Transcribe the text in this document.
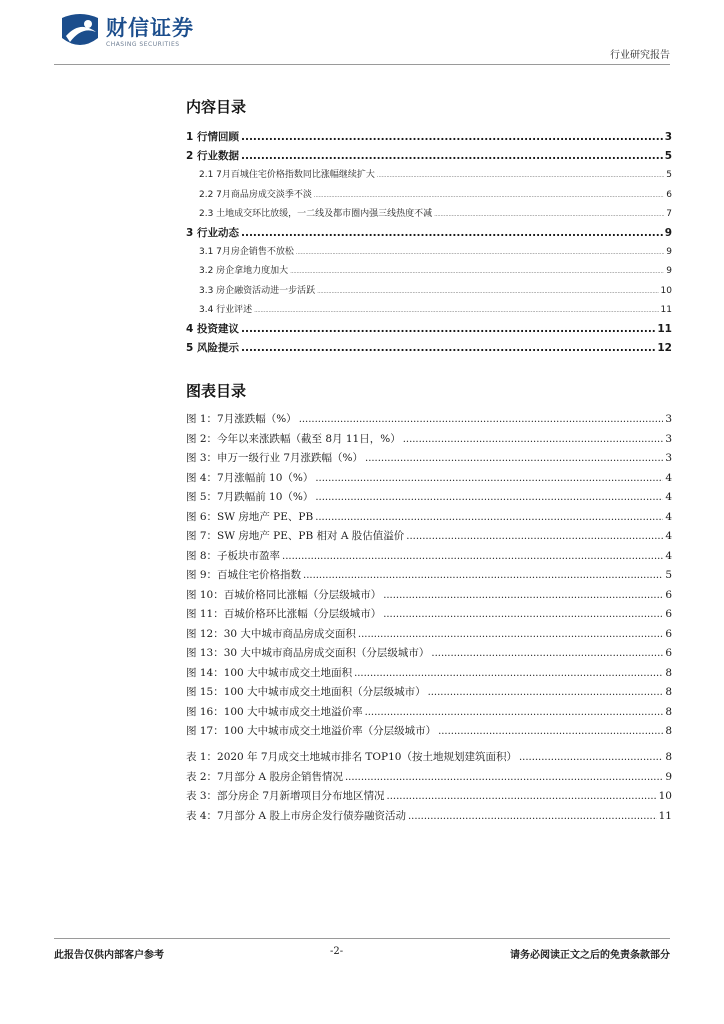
财信证券
CHASING SECURITIES
行业研究报告
内容目录
1 行情回顾 .....	3
2 行业数据 .....	5
2.1 7月百城住宅价格指数同比涨幅继续扩大 .....	5
2.2 7月商品房成交淡季不淡 .....	6
2.3 土地成交环比放缓，一二线及都市圈内强三线热度不减 .....	7
3 行业动态 .....	9
3.1 7月房企销售不放松 .....	9
3.2 房企拿地力度加大 .....	9
3.3 房企融资活动进一步活跃 .....	10
3.4 行业评述 .....	11
4 投资建议 .....	11
5 风险提示 .....	12
图表目录
图 1：7月涨跌幅（%） .....	3
图 2：今年以来涨跌幅（截至 8月 11日，%） .....	3
图 3：申万一级行业 7月涨跌幅（%） .....	3
图 4：7月涨幅前 10（%） .....	4
图 5：7月跌幅前 10（%） .....	4
图 6：SW 房地产 PE、PB .....	4
图 7：SW 房地产 PE、PB 相对 A 股估值溢价 .....	4
图 8：子板块市盈率 .....	4
图 9：百城住宅价格指数 .....	5
图 10：百城价格同比涨幅（分层级城市） .....	6
图 11：百城价格环比涨幅（分层级城市） .....	6
图 12：30 大中城市商品房成交面积 .....	6
图 13：30 大中城市商品房成交面积（分层级城市） .....	6
图 14：100 大中城市成交土地面积 .....	8
图 15：100 大中城市成交土地面积（分层级城市） .....	8
图 16：100 大中城市成交土地溢价率 .....	8
图 17：100 大中城市成交土地溢价率（分层级城市） .....	8
表 1：2020 年 7月成交土地城市排名 TOP10（按土地规划建筑面积） .....	8
表 2：7月部分 A 股房企销售情况 .....	9
表 3：部分房企 7月新增项目分布地区情况 .....	10
表 4：7月部分 A 股上市房企发行债券融资活动 .....	11
此报告仅供内部客户参考	-2-	请务必阅读正文之后的免责条款部分
